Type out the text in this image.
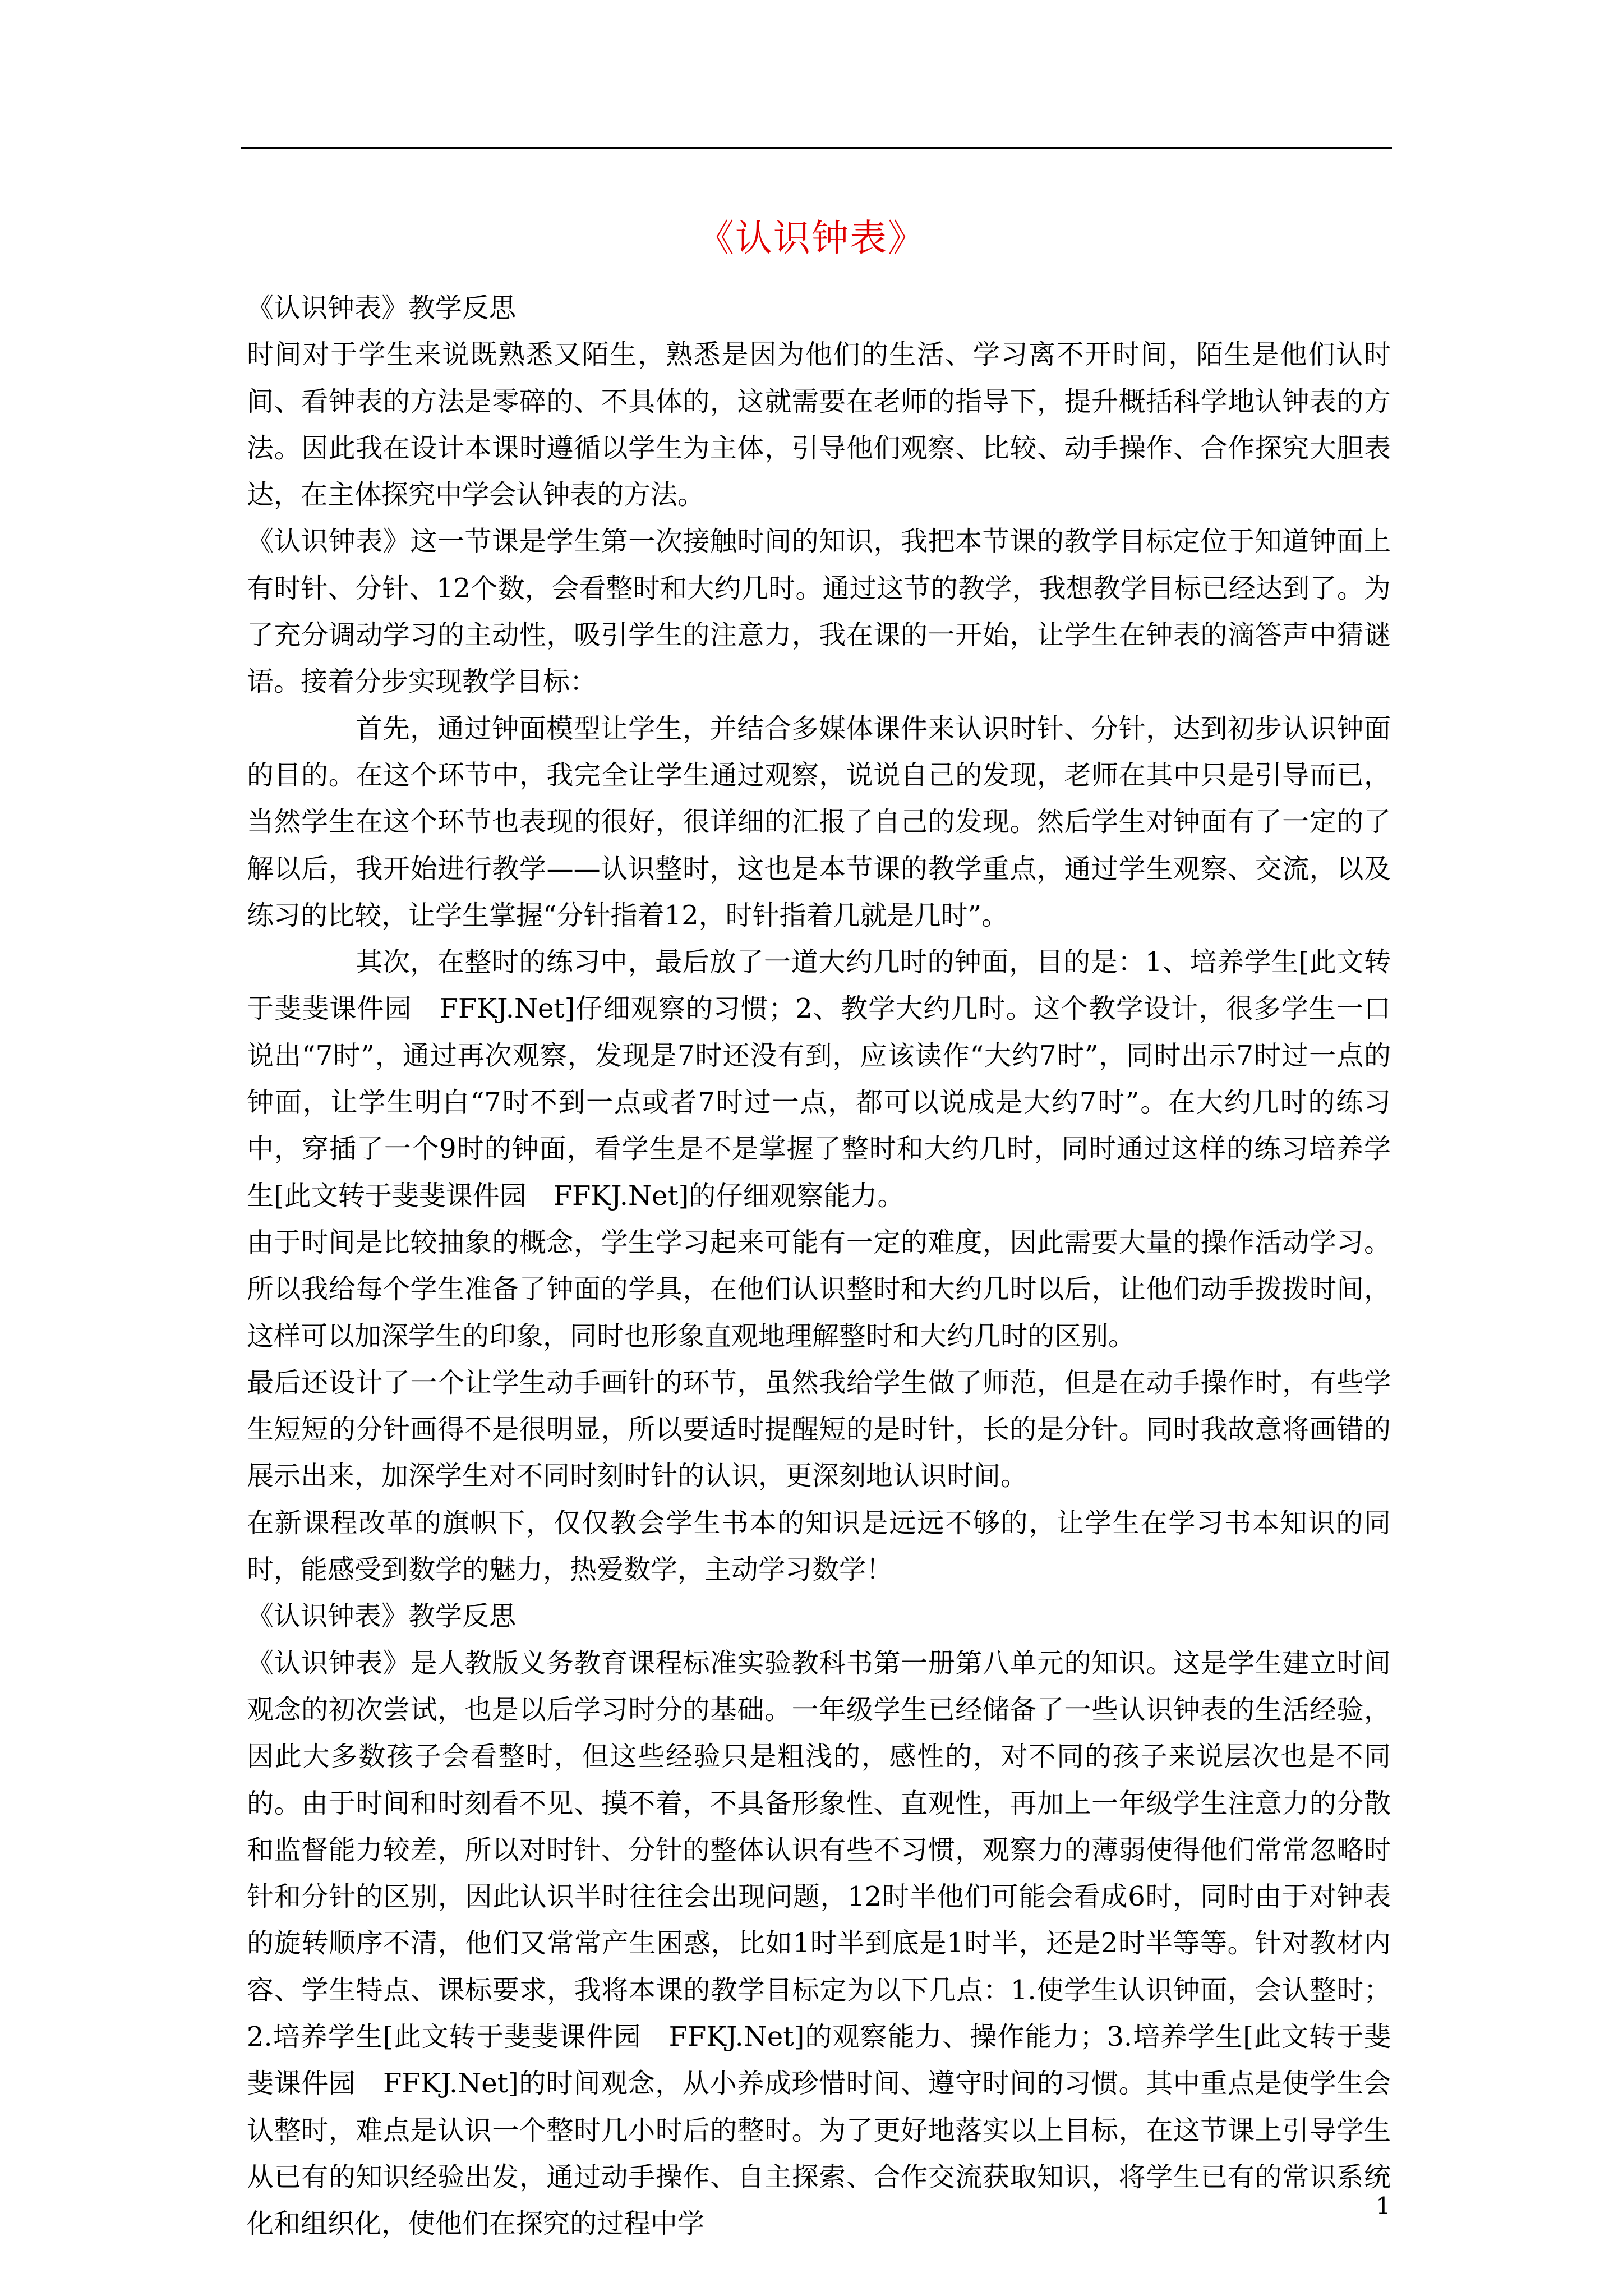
《认识钟表》

《认识钟表》教学反思

时间对于学生来说既熟悉又陌生，熟悉是因为他们的生活、学习离不开时间，陌生是他们认时间、看钟表的方法是零碎的、不具体的，这就需要在老师的指导下，提升概括科学地认钟表的方法。因此我在设计本课时遵循以学生为主体，引导他们观察、比较、动手操作、合作探究大胆表达，在主体探究中学会认钟表的方法。

《认识钟表》这一节课是学生第一次接触时间的知识，我把本节课的教学目标定位于知道钟面上有时针、分针、12个数，会看整时和大约几时。通过这节的教学，我想教学目标已经达到了。为了充分调动学习的主动性，吸引学生的注意力，我在课的一开始，让学生在钟表的滴答声中猜谜语。接着分步实现教学目标：

首先，通过钟面模型让学生，并结合多媒体课件来认识时针、分针，达到初步认识钟面的目的。在这个环节中，我完全让学生通过观察，说说自己的发现，老师在其中只是引导而已，当然学生在这个环节也表现的很好，很详细的汇报了自己的发现。然后学生对钟面有了一定的了解以后，我开始进行教学——认识整时，这也是本节课的教学重点，通过学生观察、交流，以及练习的比较，让学生掌握“分针指着12，时针指着几就是几时”。

其次，在整时的练习中，最后放了一道大约几时的钟面，目的是：1、培养学生[此文转于斐斐课件园　FFKJ.Net]仔细观察的习惯；2、教学大约几时。这个教学设计，很多学生一口说出“7时”，通过再次观察，发现是7时还没有到，应该读作“大约7时”，同时出示7时过一点的钟面，让学生明白“7时不到一点或者7时过一点，都可以说成是大约7时”。在大约几时的练习中，穿插了一个9时的钟面，看学生是不是掌握了整时和大约几时，同时通过这样的练习培养学生[此文转于斐斐课件园　FFKJ.Net]的仔细观察能力。

由于时间是比较抽象的概念，学生学习起来可能有一定的难度，因此需要大量的操作活动学习。所以我给每个学生准备了钟面的学具，在他们认识整时和大约几时以后，让他们动手拨拨时间，这样可以加深学生的印象，同时也形象直观地理解整时和大约几时的区别。

最后还设计了一个让学生动手画针的环节，虽然我给学生做了师范，但是在动手操作时，有些学生短短的分针画得不是很明显，所以要适时提醒短的是时针，长的是分针。同时我故意将画错的展示出来，加深学生对不同时刻时针的认识，更深刻地认识时间。

在新课程改革的旗帜下，仅仅教会学生书本的知识是远远不够的，让学生在学习书本知识的同时，能感受到数学的魅力，热爱数学，主动学习数学！

《认识钟表》教学反思

《认识钟表》是人教版义务教育课程标准实验教科书第一册第八单元的知识。这是学生建立时间观念的初次尝试，也是以后学习时分的基础。一年级学生已经储备了一些认识钟表的生活经验，因此大多数孩子会看整时，但这些经验只是粗浅的，感性的，对不同的孩子来说层次也是不同的。由于时间和时刻看不见、摸不着，不具备形象性、直观性，再加上一年级学生注意力的分散和监督能力较差，所以对时针、分针的整体认识有些不习惯，观察力的薄弱使得他们常常忽略时针和分针的区别，因此认识半时往往会出现问题，12时半他们可能会看成6时，同时由于对钟表的旋转顺序不清，他们又常常产生困惑，比如1时半到底是1时半，还是2时半等等。针对教材内容、学生特点、课标要求，我将本课的教学目标定为以下几点：1.使学生认识钟面，会认整时；2.培养学生[此文转于斐斐课件园　FFKJ.Net]的观察能力、操作能力；3.培养学生[此文转于斐斐课件园　FFKJ.Net]的时间观念，从小养成珍惜时间、遵守时间的习惯。其中重点是使学生会认整时，难点是认识一个整时几小时后的整时。为了更好地落实以上目标，在这节课上引导学生从已有的知识经验出发，通过动手操作、自主探索、合作交流获取知识，将学生已有的常识系统化和组织化，使他们在探究的过程中学

1
